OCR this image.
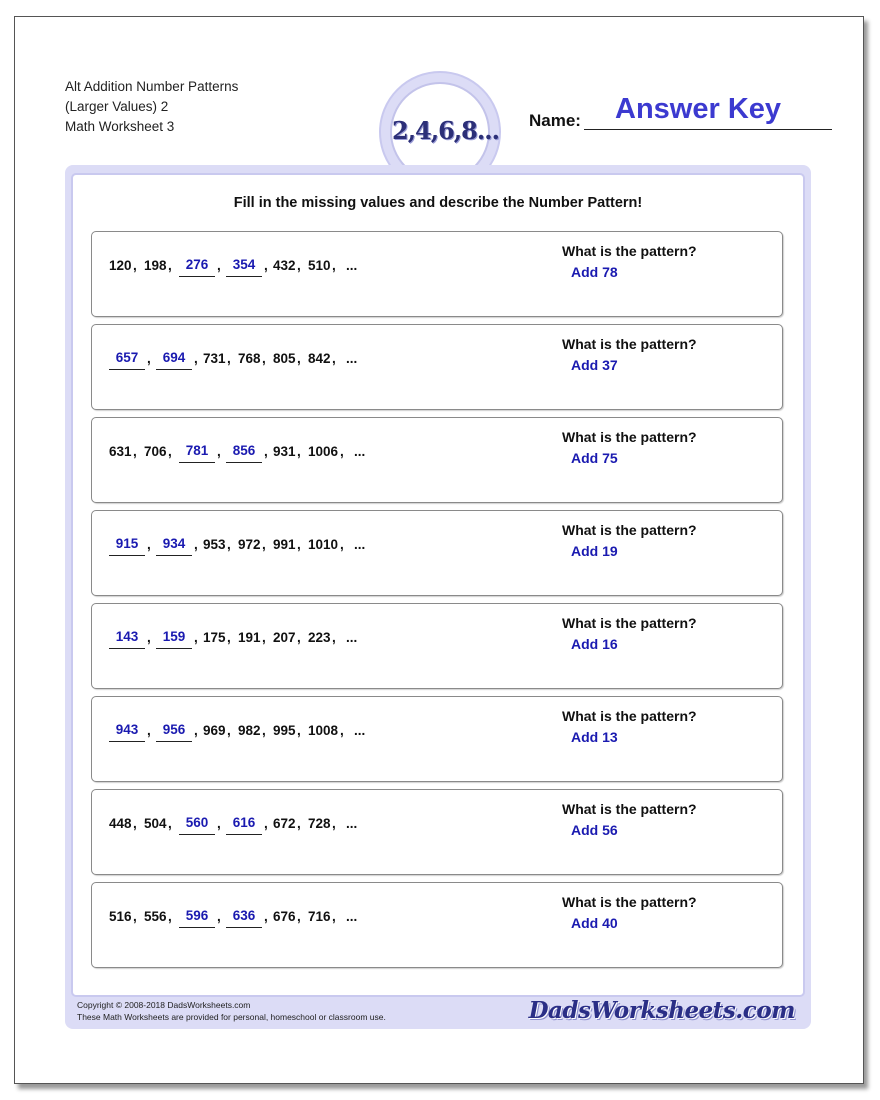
Alt Addition Number Patterns
(Larger Values) 2
Math Worksheet 3	2,4,6,8... Name: Answer Key
Fill in the missing values and describe the Number Pattern!
120 , 198 ,	276 , 354 , 432 , 510 , ...
What is the pattern?
Add 78
657 , 694 , 731 , 768 , 805 , 842 , ...
What is the pattern?
Add 37
631 , 706 ,	781 , 856 , 931 , 1006 , ...
What is the pattern?
Add 75
915 , 934 , 953 , 972 , 991 , 1010 , ...
What is the pattern?
Add 19
143 , 159 , 175 , 191 , 207 , 223 , ...
What is the pattern?
Add 16
943 , 956 , 969 , 982 , 995 , 1008 , ...
What is the pattern?
Add 13
448 , 504 ,	560 , 616 , 672 , 728 , ...
What is the pattern?
Add 56
516 , 556 ,	596 , 636 , 676 , 716 , ...
What is the pattern?
Add 40
Copyright © 2008-2018 DadsWorksheets.com
These Math Worksheets are provided for personal, homeschool or classroom use.	DadsWorksheets.com
